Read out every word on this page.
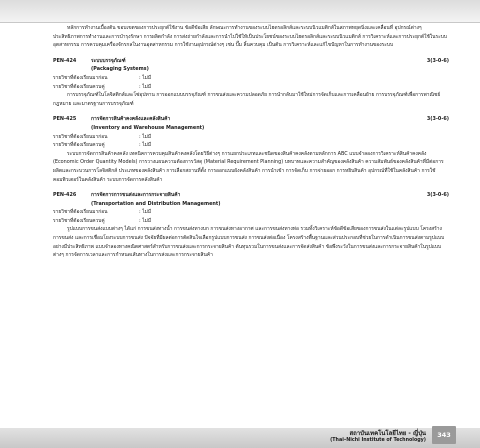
หลักการทำงานเบื้องต้น ขอบเขตของการประยุกต์ใช้งาน ข้อดีข้อเสีย ลักษณะการทำงานของระบบไฮดรอลิกส์และระบบนิวแมติกส์ในสภาพหยุดนิ่งและเคลื่อนที่ อุปกรณ์ต่างๆ ประสิทธิภาพการทำงานและการบำรุงรักษา การผลิตกำลัง การส่งถ่ายกำลังและการนำไปใช้ให้เป็นประโยชน์ของระบบไฮดรอลิกส์และระบบนิวแมติกส์ การวิเคราะห์และการประยุกต์ใช้ในระบบอุตสาหกรรม การควบคุมเครื่องจักรกลในงานอุตสาหกรรม การใช้งานอุปกรณ์ต่างๆ เช่น ปั๊ม ลิ้นควบคุม เป็นต้น การวิเคราะห์และแก้ไขปัญหาในการทำงานของระบบ

PEN-424	ระบบบรรจุภัณฑ์	3(3-0-6)
(Packaging Systems)
รายวิชาที่ต้องเรียนมาก่อน	: ไม่มี
รายวิชาที่ต้องเรียนควบคู่	: ไม่มี

การบรรจุภัณฑ์ในโลจิสติกส์และโซ่อุปทาน การออกแบบบรรจุภัณฑ์ การขนส่งและความปลอดภัย การนำกลับมาใช้ใหม่การจัดเก็บและการเคลื่อนย้าย การบรรจุภัณฑ์เพื่อการพาณิชย์ กฎหมาย และมาตรฐานการบรรจุภัณฑ์

PEN-425	การจัดการสินค้าคงคลังและคลังสินค้า	3(3-0-6)
(Inventory and Warehouse Management)
รายวิชาที่ต้องเรียนมาก่อน	: ไม่มี
รายวิชาที่ต้องเรียนควบคู่	: ไม่มี

ระบบการจัดการสินค้าคงคลัง เทคนิคการควบคุมสินค้าคงคลังโดยวิธีต่างๆ การแยกประเภทและชนิดของสินค้าคงคลังตามหลักการ ABC แบบจำลองการวิเคราะห์สินค้าคงคลัง (Economic Order Quantity Models) การวางแผนความต้องการวัสดุ (Material Requirement Planning) บทบาทและความสำคัญของคลังสินค้า ความสัมพันธ์ของคลังสินค้าที่มีต่อการผลิตและกระบวนการโลจิสติกส์ ประเภทของคลังสินค้า การเลือกสถานที่ตั้ง การออกแบบผังคลังสินค้า การนำเข้า การจัดเก็บ การจ่ายออก การหยิบสินค้า อุปกรณ์ที่ใช้ในคลังสินค้า การใช้คอมพิวเตอร์ในคลังสินค้า ระบบการจัดการคลังสินค้า

PEN-426	การจัดการการขนส่งและการกระจายสินค้า	3(3-0-6)
(Transportation and Distribution Management)
รายวิชาที่ต้องเรียนมาก่อน	: ไม่มี
รายวิชาที่ต้องเรียนควบคู่	: ไม่มี

รูปแบบการขนส่งแบบต่างๆ ได้แก่ การขนส่งทางน้ำ การขนส่งทางบก การขนส่งทางอากาศ และการขนส่งทางท่อ รวมทั้งวิเคราะห์ข้อดีข้อเสียของการขนส่งในแต่ละรูปแบบ โครงสร้างการขนส่ง และการเชื่อมโยงระบบการขนส่ง ปัจจัยที่มีผลต่อการตัดสินใจเลือกรูปแบบการขนส่ง การขนส่งต่อเนื่อง โครงสร้างพื้นฐานและส่วนประกอบที่ช่วยในการดำเนินการขนส่งตามรูปแบบอย่างมีประสิทธิภาพ แบบจำลองทางคณิตศาสตร์สำหรับการขนส่งและการกระจายสินค้า ต้นทุนรวมในการขนส่งและการจัดส่งสินค้า ข้อพึงระวังในการขนส่งและการกระจายสินค้าในรูปแบบต่างๆ การจัดการเวลาและการกำหนดเส้นทางในการส่งและการกระจายสินค้า

สถาบันเทคโนโลยีไทย - ญี่ปุ่น
(Thai–Nichi Institute of Technology)
343
